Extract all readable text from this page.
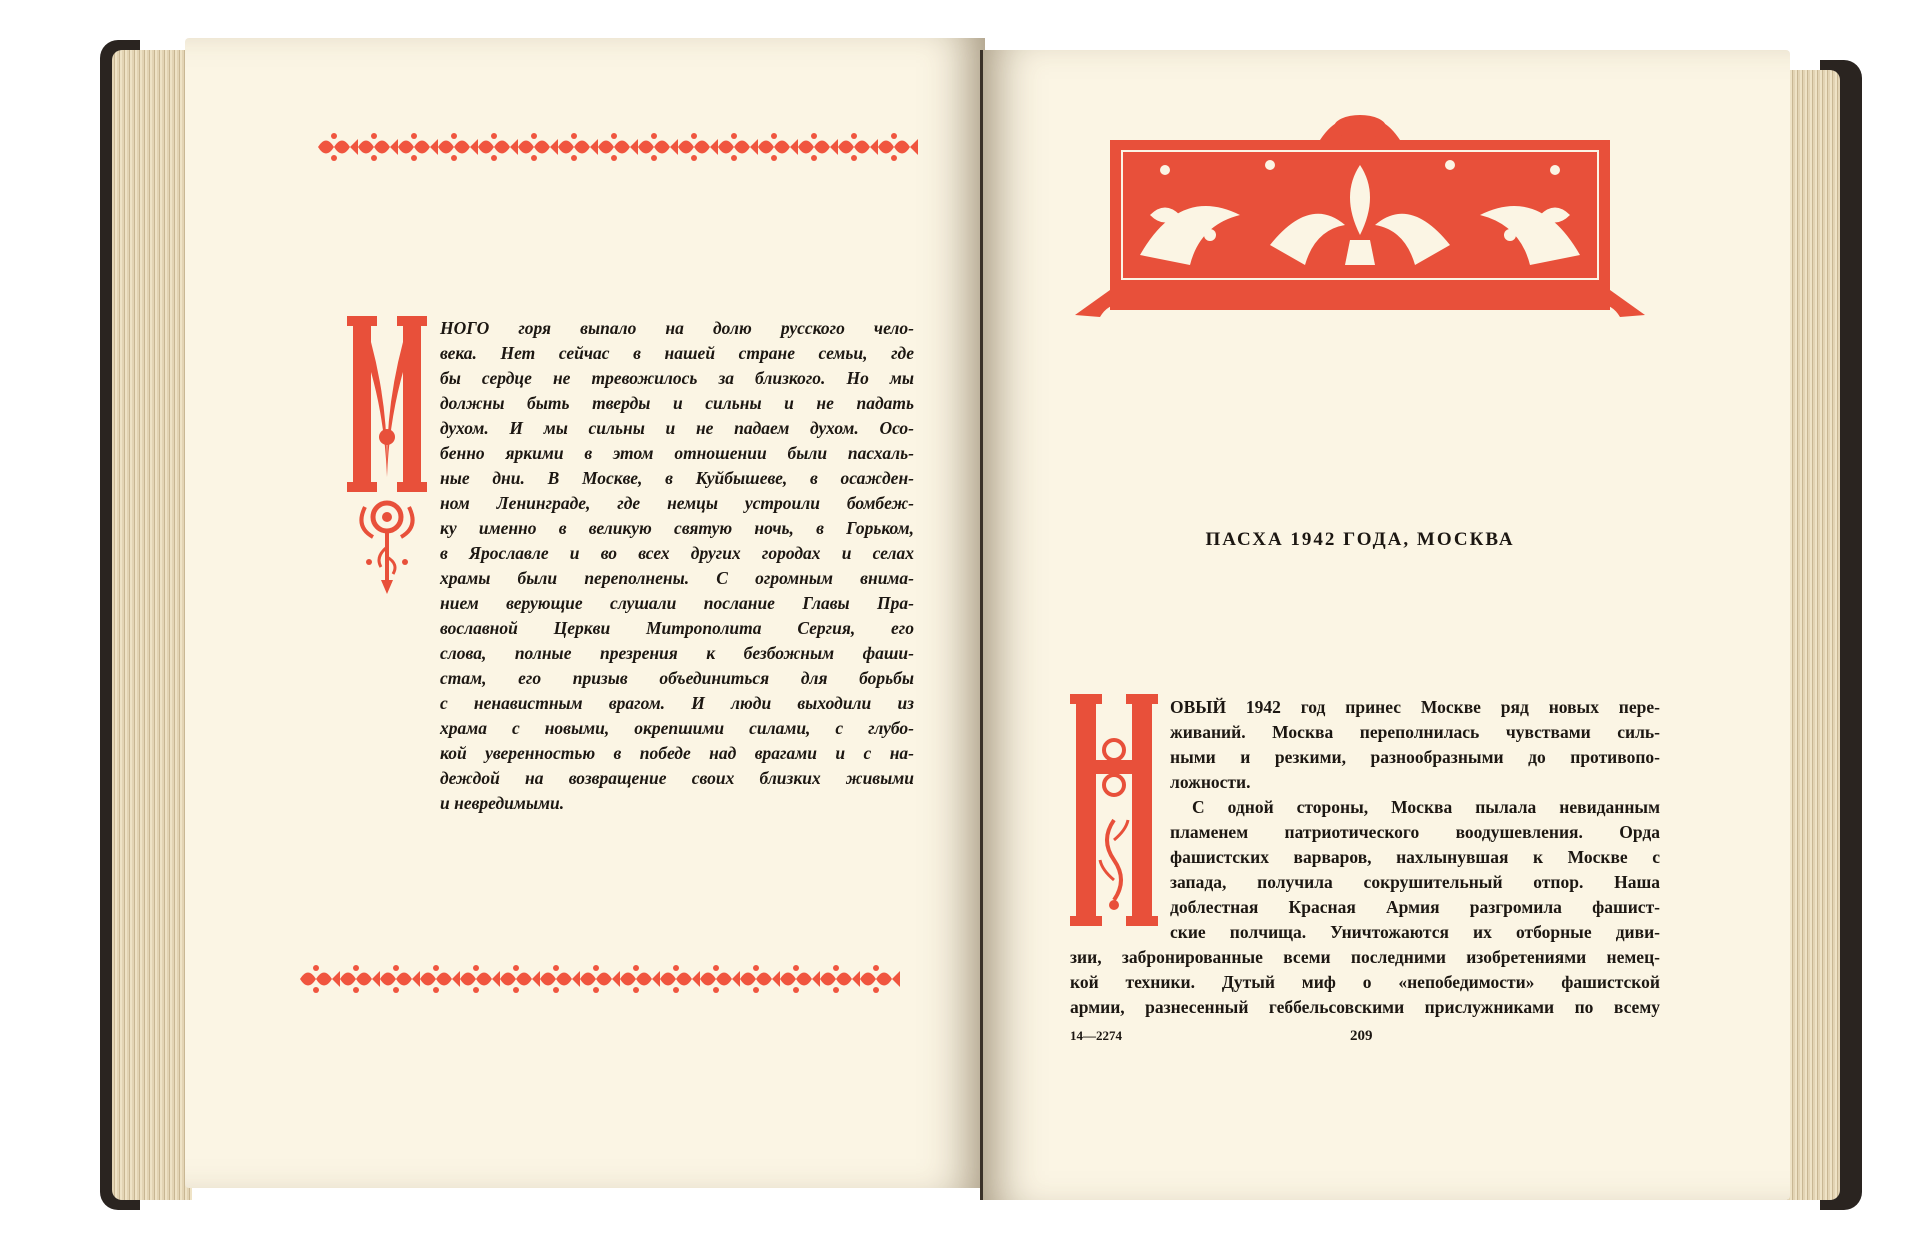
НОГО горя выпало на долю русского чело-
века. Нет сейчас в нашей стране семьи, где
бы сердце не тревожилось за близкого. Но мы
должны быть тверды и сильны и не падать
духом. И мы сильны и не падаем духом. Осо-
бенно яркими в этом отношении были пасхаль-
ные дни. В Москве, в Куйбышеве, в осажден-
ном Ленинграде, где немцы устроили бомбеж-
ку именно в великую святую ночь, в Горьком,
в Ярославле и во всех других городах и селах
храмы были переполнены. С огромным внима-
нием верующие слушали послание Главы Пра-
вославной Церкви Митрополита Сергия, его
слова, полные презрения к безбожным фаши-
стам, его призыв объединиться для борьбы
с ненавистным врагом. И люди выходили из
храма с новыми, окрепшими силами, с глубо-
кой уверенностью в победе над врагами и с на-
деждой на возвращение своих близких живыми
и невредимыми.
ПАСХА 1942 ГОДА, МОСКВА
ОВЫЙ 1942 год принес Москве ряд новых пере-
живаний. Москва переполнилась чувствами силь-
ными и резкими, разнообразными до противопо-
ложности.
С одной стороны, Москва пылала невиданным
пламенем патриотического воодушевления. Орда
фашистских варваров, нахлынувшая к Москве с
запада, получила сокрушительный отпор. Наша
доблестная Красная Армия разгромила фашист-
ские полчища. Уничтожаются их отборные диви-
зии, забронированные всеми последними изобретениями немец-
кой техники. Дутый миф о «непобедимости» фашистской
армии, разнесенный геббельсовскими прислужниками по всему
14—2274	209
